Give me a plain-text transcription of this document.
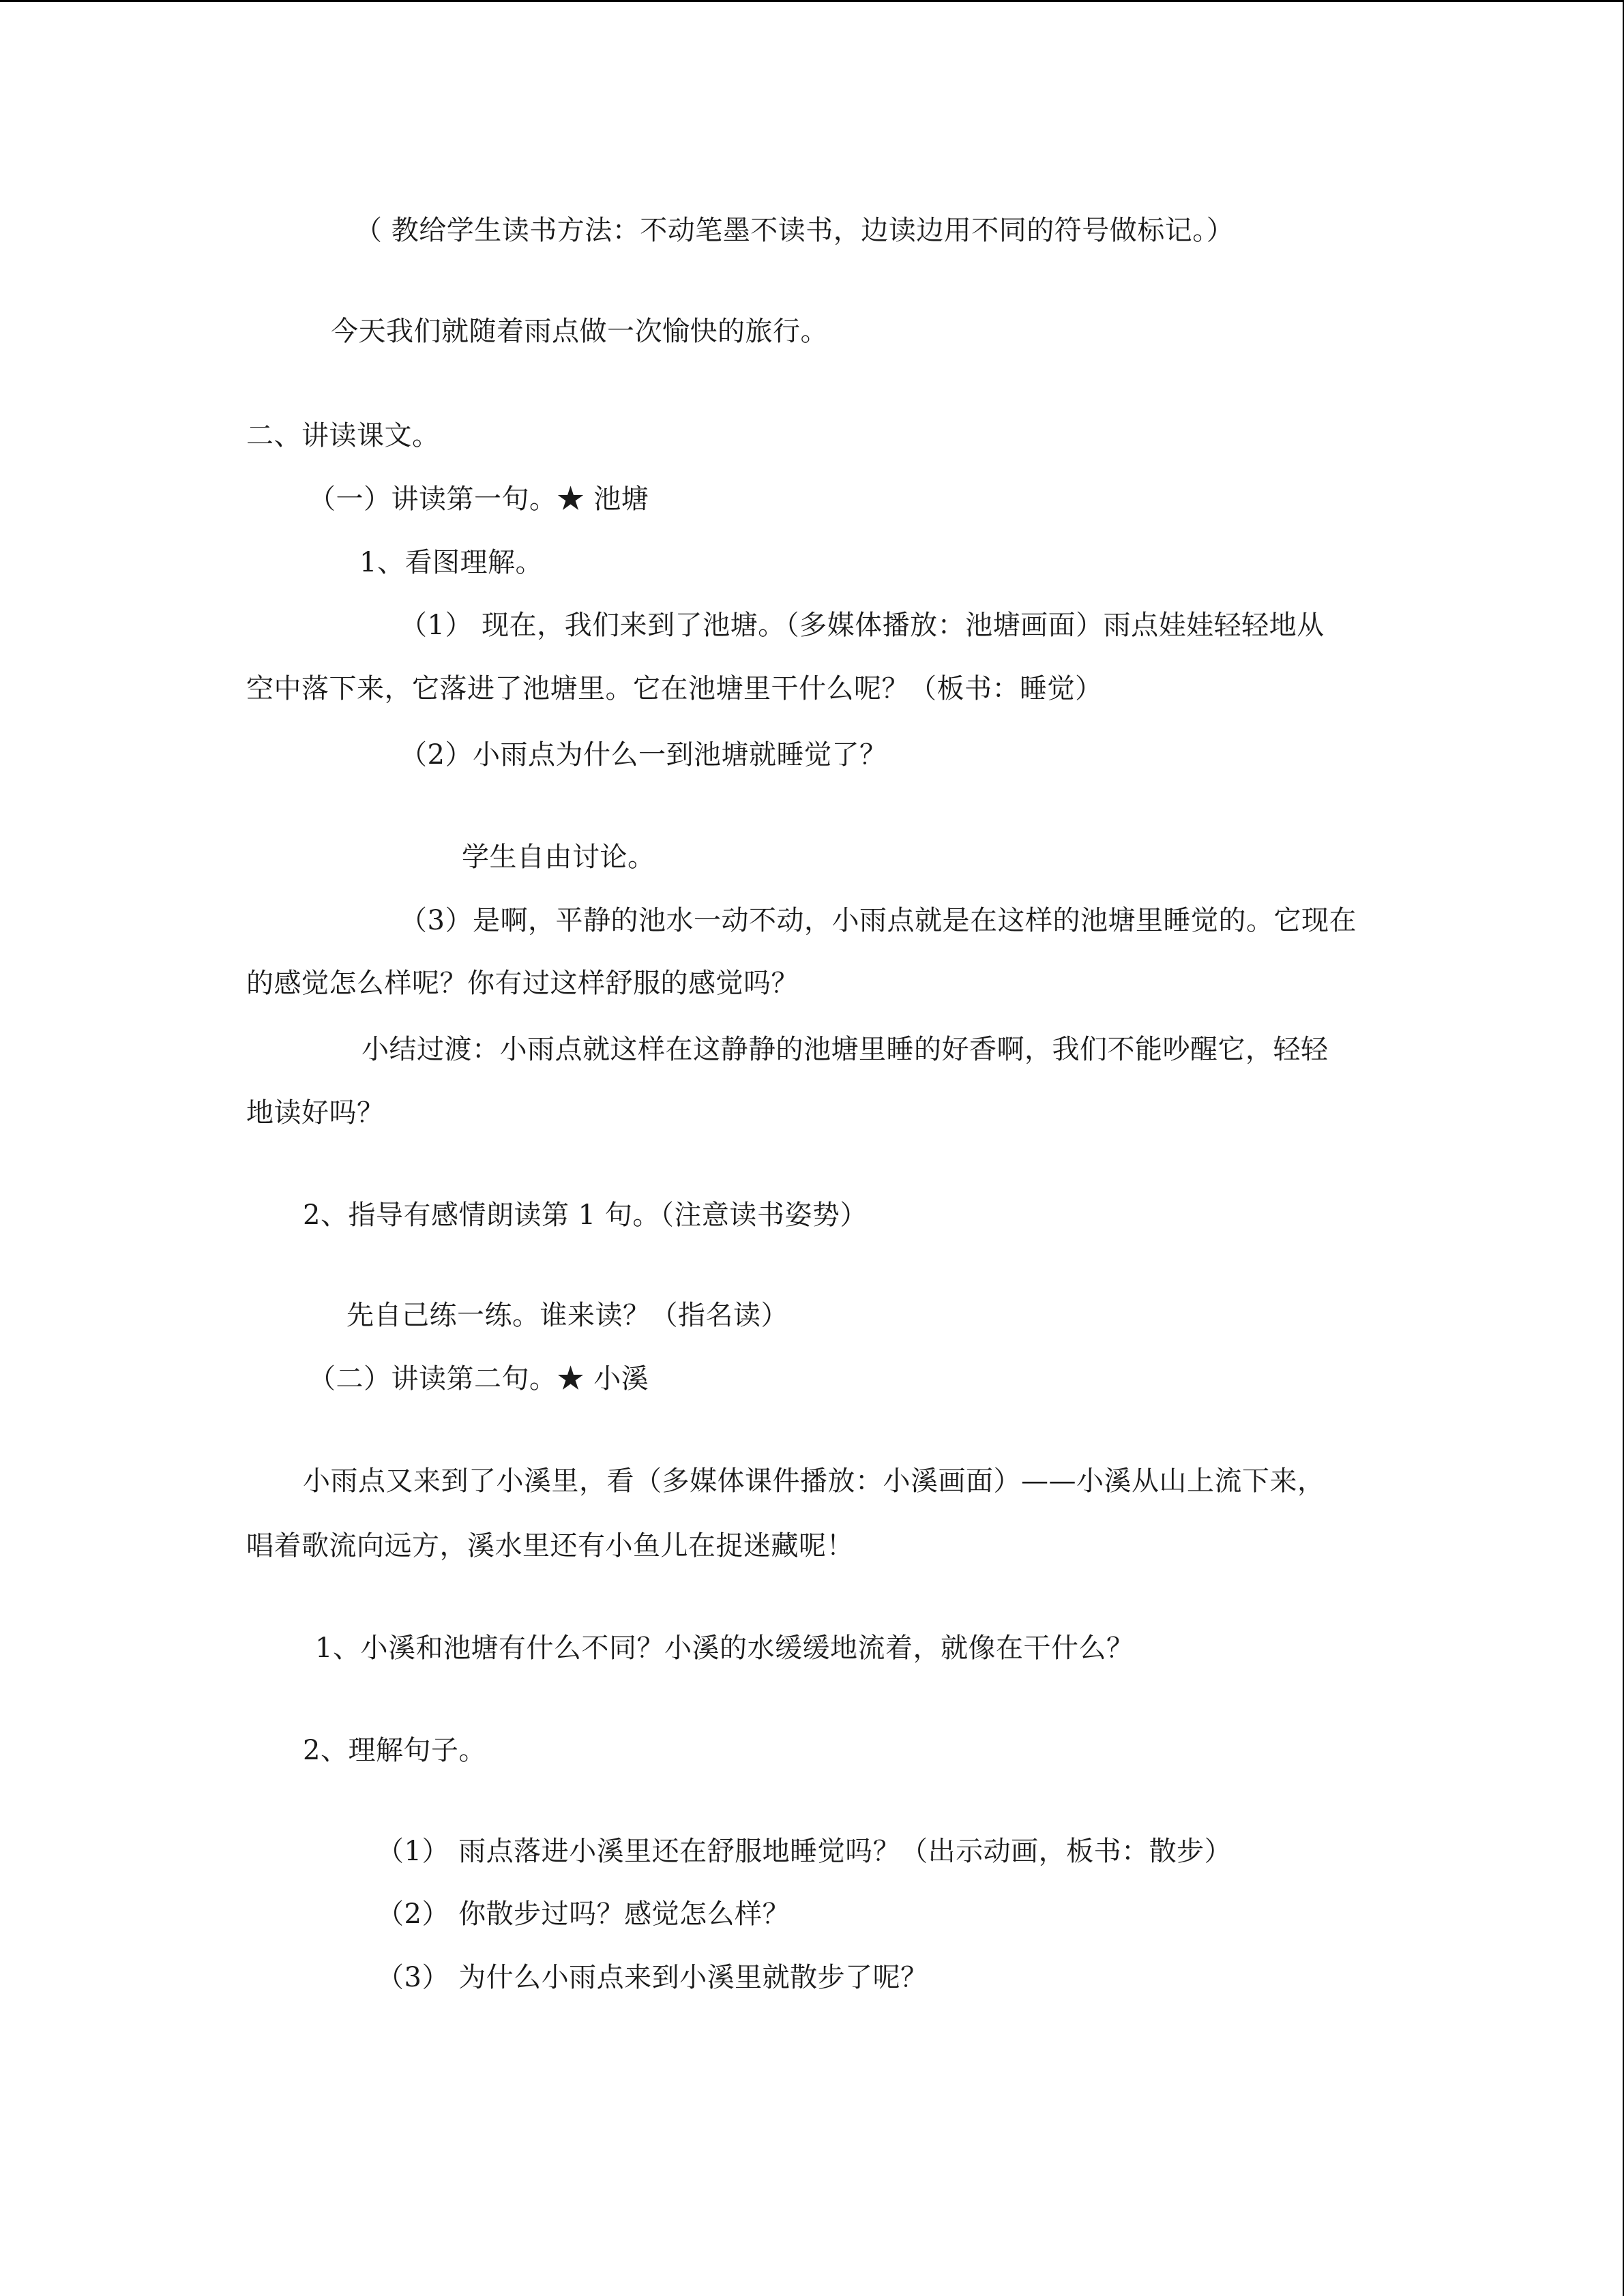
（ 教给学生读书方法：不动笔墨不读书，边读边用不同的符号做标记。）
今天我们就随着雨点做一次愉快的旅行。
二、讲读课文。
（一）讲读第一句。★ 池塘
1、看图理解。
（1） 现在，我们来到了池塘。（多媒体播放：池塘画面）雨点娃娃轻轻地从
空中落下来，它落进了池塘里。它在池塘里干什么呢？（板书：睡觉）
（2）小雨点为什么一到池塘就睡觉了？
学生自由讨论。
（3）是啊，平静的池水一动不动，小雨点就是在这样的池塘里睡觉的。它现在
的感觉怎么样呢？你有过这样舒服的感觉吗？
小结过渡：小雨点就这样在这静静的池塘里睡的好香啊，我们不能吵醒它，轻轻
地读好吗？
2、指导有感情朗读第 1 句。（注意读书姿势）
先自己练一练。谁来读？（指名读）
（二）讲读第二句。★ 小溪
小雨点又来到了小溪里，看（多媒体课件播放：小溪画面）——小溪从山上流下来，
唱着歌流向远方，溪水里还有小鱼儿在捉迷藏呢！
1、小溪和池塘有什么不同？小溪的水缓缓地流着，就像在干什么？
2、理解句子。
（1） 雨点落进小溪里还在舒服地睡觉吗？（出示动画，板书：散步）
（2） 你散步过吗？感觉怎么样？
（3） 为什么小雨点来到小溪里就散步了呢？
